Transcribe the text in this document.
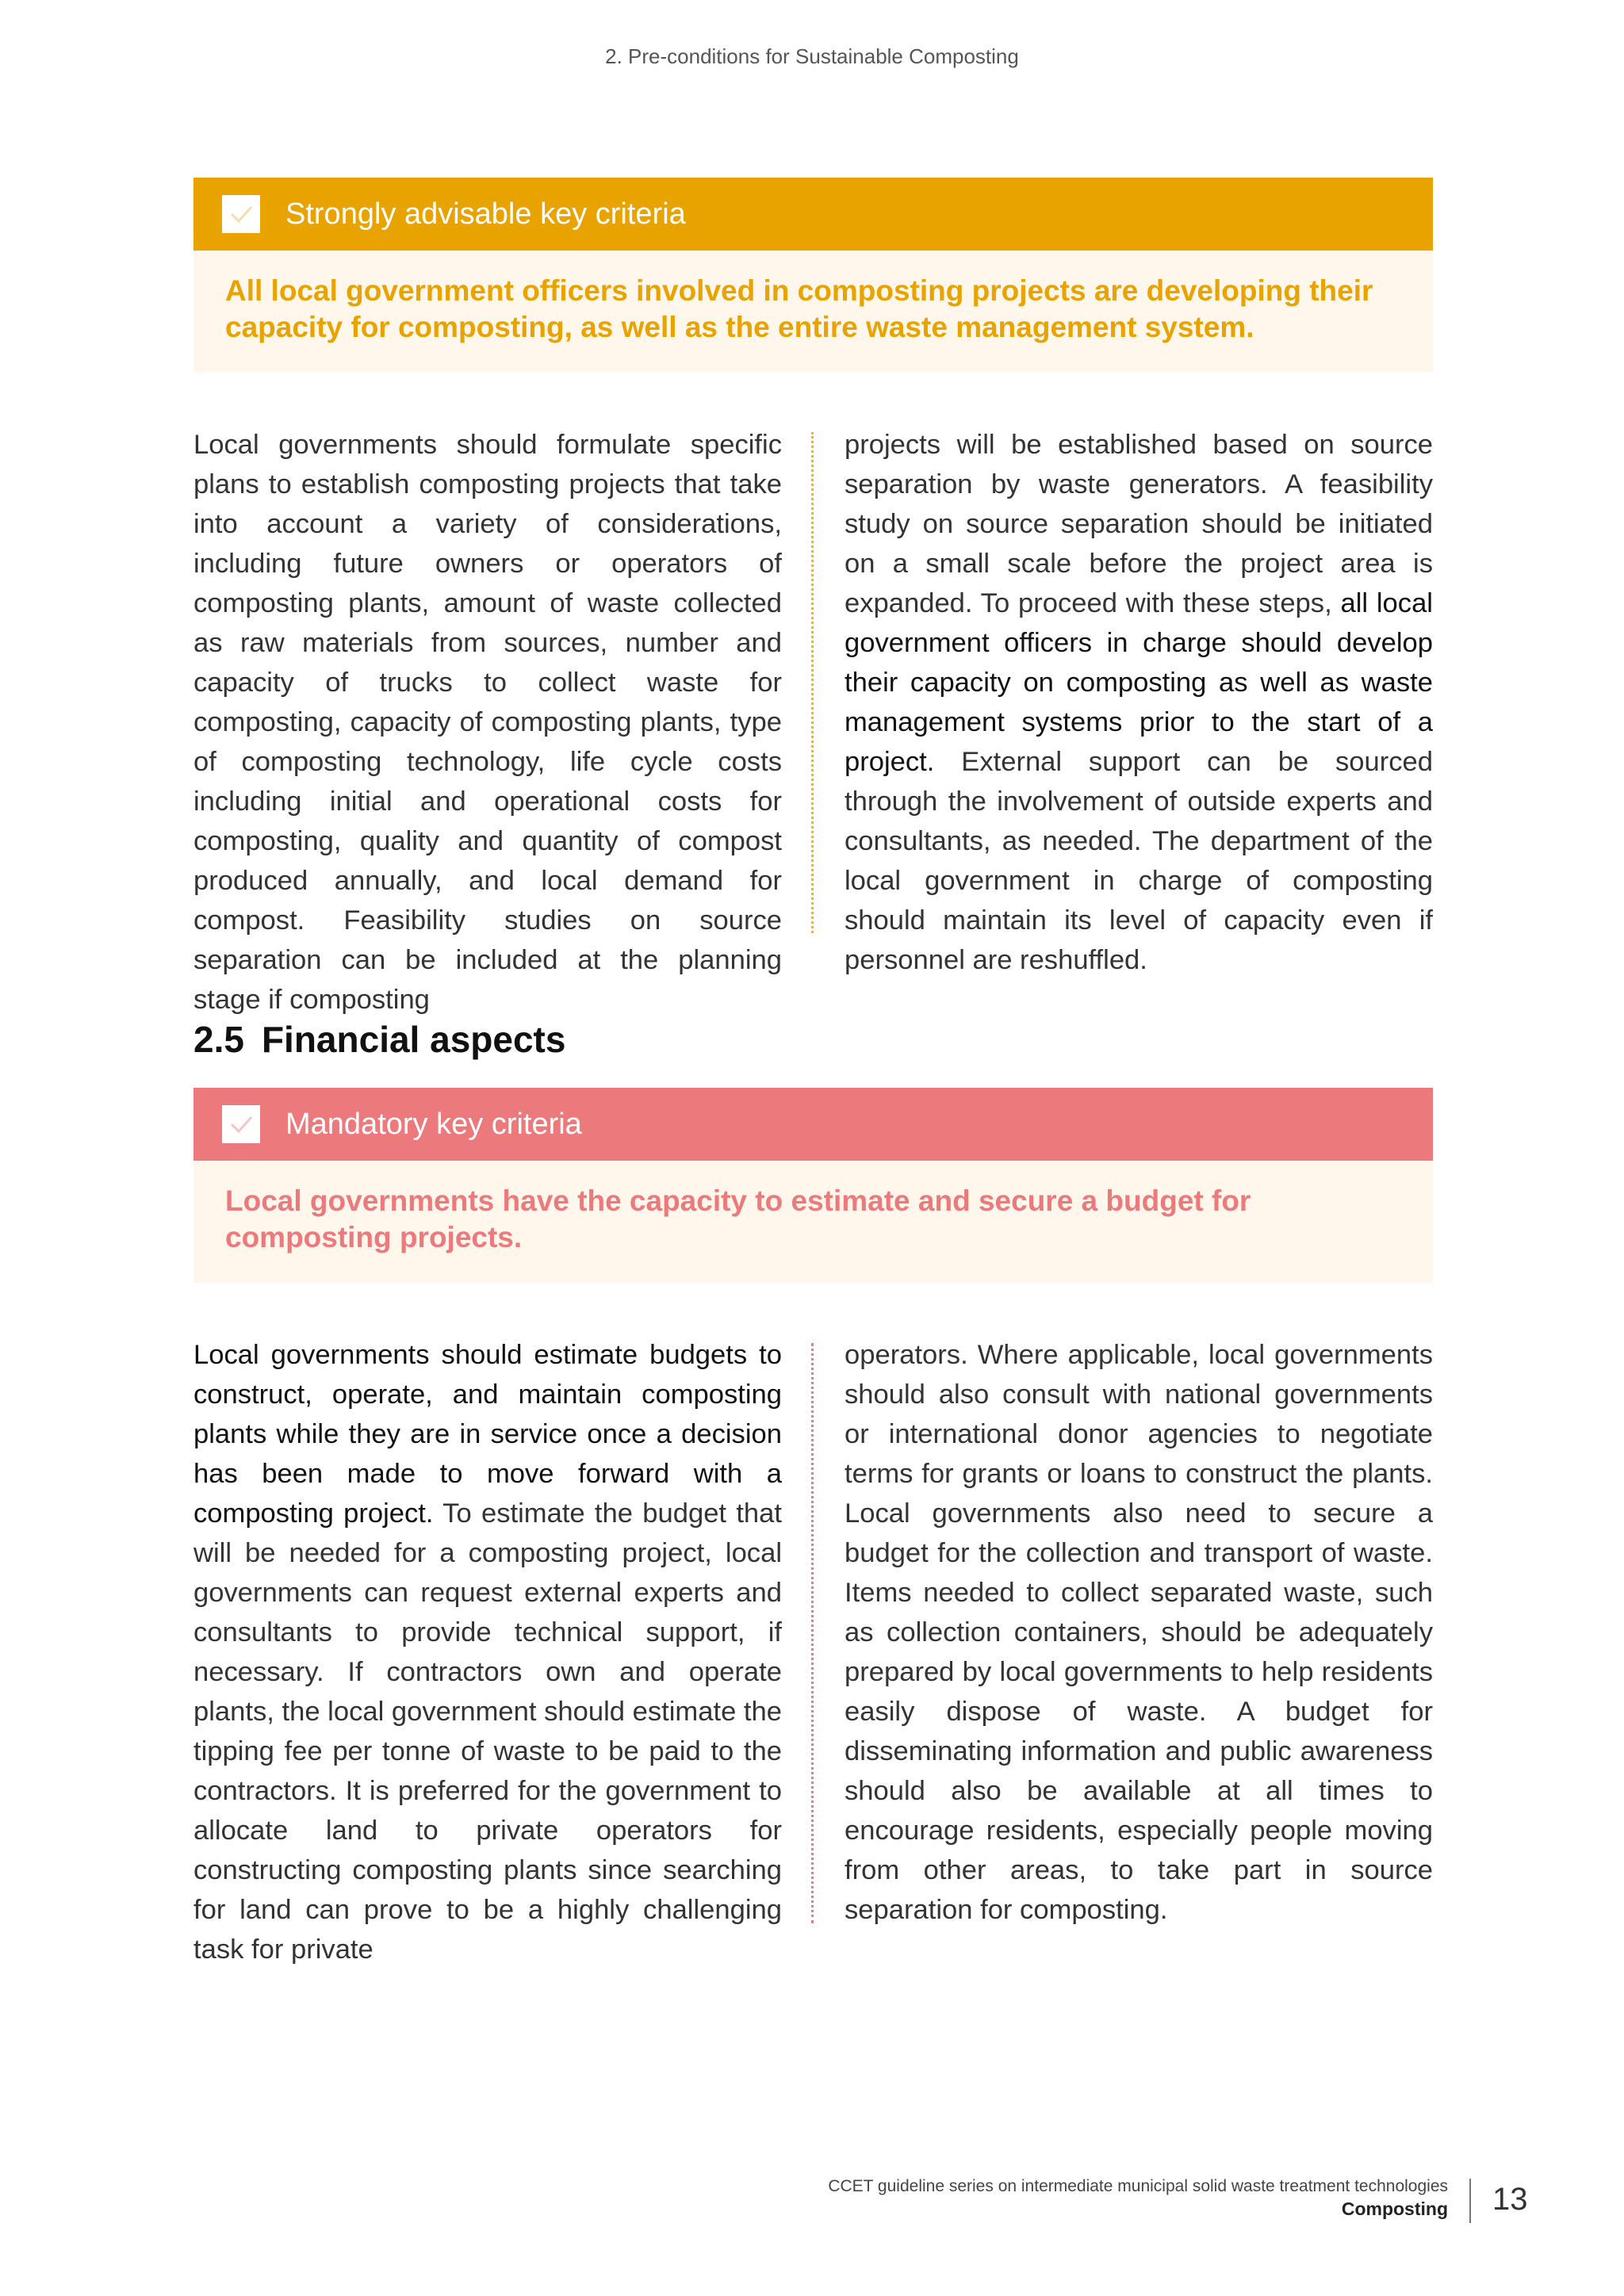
2. Pre-conditions for Sustainable Composting
Strongly advisable key criteria
All local government officers involved in composting projects are developing their capacity for composting, as well as the entire waste management system.
Local governments should formulate specific plans to establish composting projects that take into account a variety of considerations, including future owners or operators of composting plants, amount of waste collected as raw materials from sources, number and capacity of trucks to collect waste for composting, capacity of composting plants, type of composting technology, life cycle costs including initial and operational costs for composting, quality and quantity of compost produced annually, and local demand for compost. Feasibility studies on source separation can be included at the planning stage if composting
projects will be established based on source separation by waste generators. A feasibility study on source separation should be initiated on a small scale before the project area is expanded. To proceed with these steps, all local government officers in charge should develop their capacity on composting as well as waste management systems prior to the start of a project. External support can be sourced through the involvement of outside experts and consultants, as needed. The department of the local government in charge of composting should maintain its level of capacity even if personnel are reshuffled.
2.5 Financial aspects
Mandatory key criteria
Local governments have the capacity to estimate and secure a budget for composting projects.
Local governments should estimate budgets to construct, operate, and maintain composting plants while they are in service once a decision has been made to move forward with a composting project. To estimate the budget that will be needed for a composting project, local governments can request external experts and consultants to provide technical support, if necessary. If contractors own and operate plants, the local government should estimate the tipping fee per tonne of waste to be paid to the contractors. It is preferred for the government to allocate land to private operators for constructing composting plants since searching for land can prove to be a highly challenging task for private
operators. Where applicable, local governments should also consult with national governments or international donor agencies to negotiate terms for grants or loans to construct the plants. Local governments also need to secure a budget for the collection and transport of waste. Items needed to collect separated waste, such as collection containers, should be adequately prepared by local governments to help residents easily dispose of waste. A budget for disseminating information and public awareness should also be available at all times to encourage residents, especially people moving from other areas, to take part in source separation for composting.
CCET guideline series on intermediate municipal solid waste treatment technologies
Composting 13
